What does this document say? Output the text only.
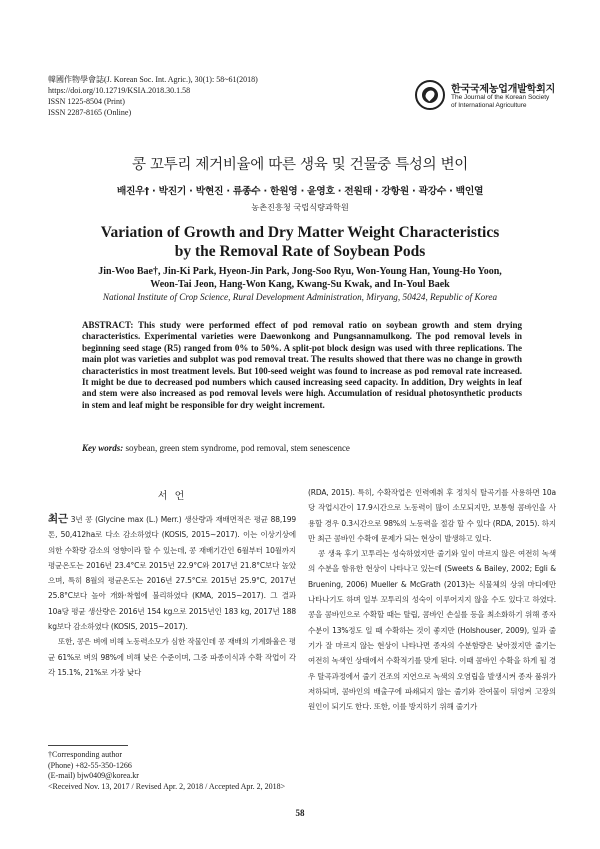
韓國作物學會誌(J. Korean Soc. Int. Agric.), 30(1): 58~61(2018)
https://doi.org/10.12719/KSIA.2018.30.1.58
ISSN 1225-8504 (Print)
ISSN 2287-8165 (Online)
한국국제농업개발학회지
The Journal of the Korean Society
of International Agriculture
콩 꼬투리 제거비율에 따른 생육 및 건물중 특성의 변이
배진우† · 박진기 · 박현진 · 류종수 · 한원영 · 윤영호 · 전원태 · 강항원 · 곽강수 · 백인열
농촌진흥청 국립식량과학원
Variation of Growth and Dry Matter Weight Characteristics
by the Removal Rate of Soybean Pods
Jin-Woo Bae†, Jin-Ki Park, Hyeon-Jin Park, Jong-Soo Ryu, Won-Young Han, Young-Ho Yoon,
Weon-Tai Jeon, Hang-Won Kang, Kwang-Su Kwak, and In-Youl Baek
National Institute of Crop Science, Rural Development Administration, Miryang, 50424, Republic of Korea
ABSTRACT: This study were performed effect of pod removal ratio on soybean growth and stem drying characteristics. Experimental varieties were Daewonkong and Pungsannamulkong. The pod removal levels in beginning seed stage (R5) ranged from 0% to 50%. A split-pot block design was used with three replications. The main plot was varieties and subplot was pod removal treat. The results showed that there was no change in growth characteristics in most treatment levels. But 100-seed weight was found to increase as pod removal rate increased. It might be due to decreased pod numbers which caused increasing seed capacity. In addition, Dry weights in leaf and stem were also increased as pod removal levels were high. Accumulation of residual photosynthetic products in stem and leaf might be responsible for dry weight increment.
Key words: soybean, green stem syndrome, pod removal, stem senescence
서 언

최근 3년 콩 (Glycine max (L.) Merr.) 생산량과 재배면적은 평균 88,199톤, 50,412ha로 다소 감소하였다 (KOSIS, 2015~2017). 이는 이상기상에 의한 수확량 감소의 영향이라 할 수 있는데, 콩 재배기간인 6월부터 10월까지 평균온도는 2016년 23.4°C로 2015년 22.9°C와 2017년 21.8°C보다 높았으며, 특히 8월의 평균온도는 2016년 27.5°C로 2015년 25.9°C, 2017년 25.8°C보다 높아 개화·착협에 불리하였다 (KMA, 2015~2017). 그 결과 10a당 평균 생산량은 2016년 154 kg으로 2015년인 183 kg, 2017년 188 kg보다 감소하였다 (KOSIS, 2015~2017).

또한, 콩은 벼에 비해 노동력소모가 심한 작물인데 콩 재배의 기계화율은 평균 61%로 벼의 98%에 비해 낮은 수준이며, 그중 파종이식과 수확 작업이 각각 15.1%, 21%로 가장 낮다

(RDA, 2015). 특히, 수확작업은 인력예취 후 정치식 탈곡기를 사용하면 10a당 작업시간이 17.9시간으로 노동력이 많이 소모되지만, 보통형 콤바인을 사용할 경우 0.3시간으로 98%의 노동력을 절감 할 수 있다 (RDA, 2015). 하지만 최근 콤바인 수확에 문제가 되는 현상이 발생하고 있다.

콩 생육 후기 꼬투리는 성숙하였지만 줄기와 잎이 마르지 않은 여전히 녹색의 수분을 함유한 현상이 나타나고 있는데 (Sweets & Bailey, 2002; Egli & Bruening, 2006) Mueller & McGrath (2013)는 식물체의 상위 마디에만 나타나기도 하며 일부 꼬투리의 성숙이 이루어지지 않을 수도 있다고 하였다. 콩을 콤바인으로 수확할 때는 탈립, 콤바인 손실를 등을 최소화하기 위해 종자수분이 13%정도 일 때 수확하는 것이 좋지만 (Holshouser, 2009), 잎과 줄기가 잘 마르지 않는 현상이 나타나면 종자의 수분함량은 낮아졌지만 줄기는 여전히 녹색인 상태에서 수확적기를 맞게 된다. 이때 콤바인 수확을 하게 될 경우 탈곡과정에서 줄기 건조의 지연으로 녹색의 오염립을 발생시켜 종자 품위가 저하되며, 콤바인의 배출구에 파쇄되지 않는 줄기와 잔여물이 뒤엉켜 고장의 원인이 되기도 한다. 또한, 이를 방지하기 위해 줄기가

†Corresponding author
(Phone) +82-55-350-1266
(E-mail) bjw0409@korea.kr
<Received Nov. 13, 2017 / Revised Apr. 2, 2018 / Accepted Apr. 2, 2018>
58
